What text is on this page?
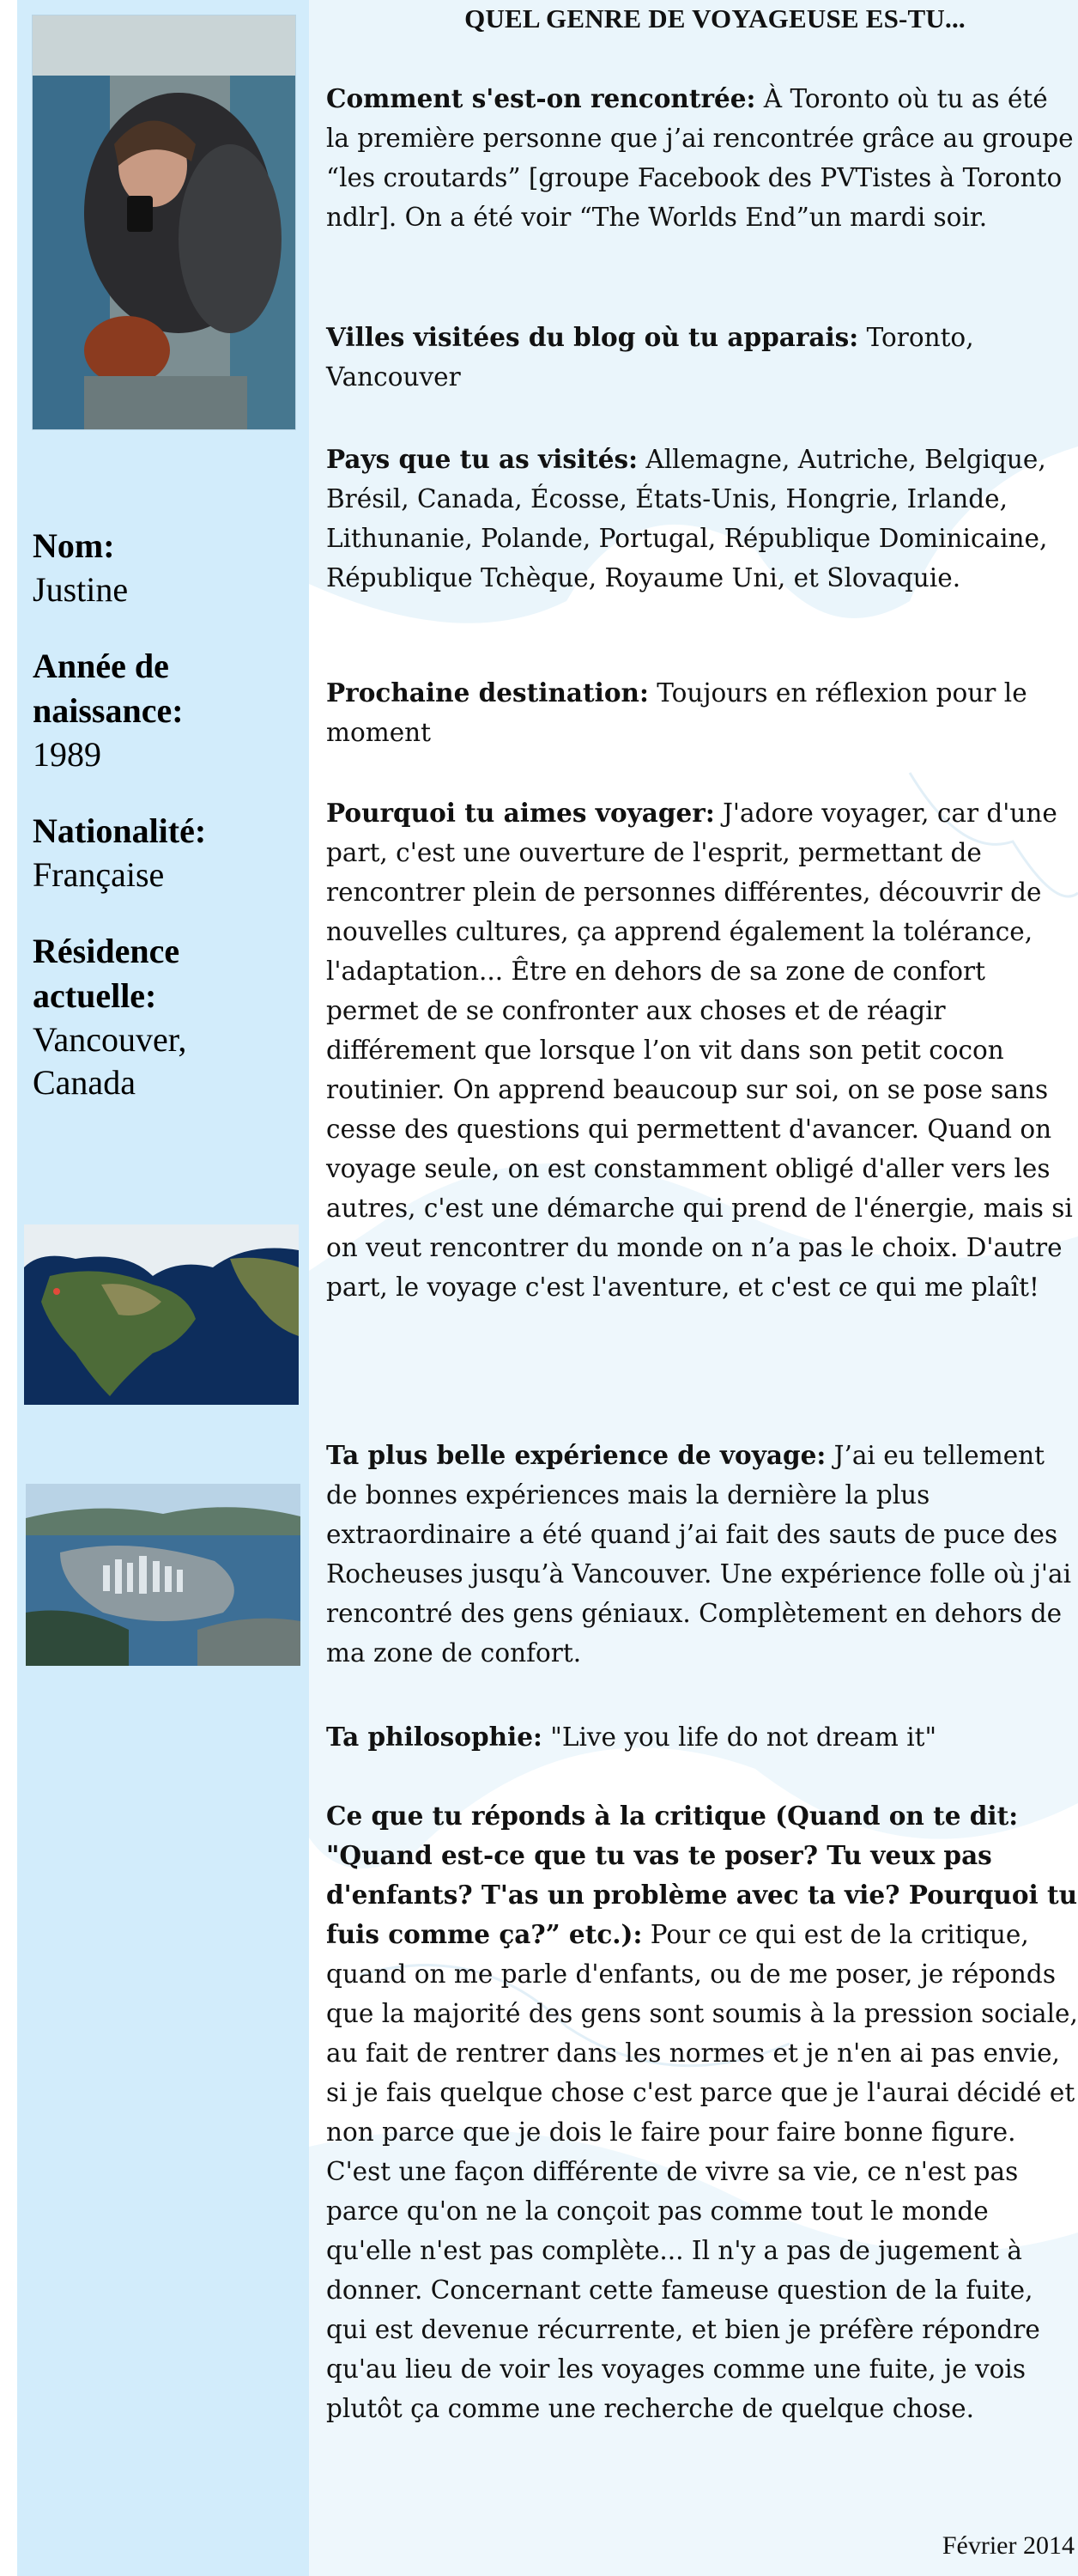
Nom:

Justine

Année de naissance:

1989

Nationalité:

Française

Résidence actuelle:

Vancouver, Canada

QUEL GENRE DE VOYAGEUSE ES-TU...

Comment s'est-on rencontrée: À Toronto où tu as été la première personne que j’ai rencontrée grâce au groupe “les croutards” [groupe Facebook des PVTistes à Toronto ndlr]. On a été voir “The Worlds End”un mardi soir.

Villes visitées du blog où tu apparais: Toronto, Vancouver

Pays que tu as visités: Allemagne, Autriche, Belgique, Brésil, Canada, Écosse, États-Unis, Hongrie, Irlande, Lithunanie, Polande, Portugal, République Dominicaine, République Tchèque, Royaume Uni, et Slovaquie.

Prochaine destination: Toujours en réflexion pour le moment

Pourquoi tu aimes voyager: J'adore voyager, car d'une part, c'est une ouverture de l'esprit, permettant de rencontrer plein de personnes différentes, découvrir de nouvelles cultures, ça apprend également la tolérance, l'adaptation... Être en dehors de sa zone de confort permet de se confronter aux choses et de réagir différement que lorsque l’on vit dans son petit cocon routinier. On apprend beaucoup sur soi, on se pose sans cesse des questions qui permettent d'avancer. Quand on voyage seule, on est constamment obligé d'aller vers les autres, c'est une démarche qui prend de l'énergie, mais si on veut rencontrer du monde on n’a pas le choix. D'autre part, le voyage c'est l'aventure, et c'est ce qui me plaît!

Ta plus belle expérience de voyage: J’ai eu tellement de bonnes expériences mais la dernière la plus extraordinaire a été quand j’ai fait des sauts de puce des Rocheuses jusqu’à Vancouver. Une expérience folle où j'ai rencontré des gens géniaux. Complètement en dehors de ma zone de confort.

Ta philosophie: "Live you life do not dream it"

Ce que tu réponds à la critique (Quand on te dit: "Quand est-ce que tu vas te poser? Tu veux pas d'enfants? T'as un problème avec ta vie? Pourquoi tu fuis comme ça?” etc.): Pour ce qui est de la critique, quand on me parle d'enfants, ou de me poser, je réponds que la majorité des gens sont soumis à la pression sociale, au fait de rentrer dans les normes et je n'en ai pas envie, si je fais quelque chose c'est parce que je l'aurai décidé et non parce que je dois le faire pour faire bonne figure. C'est une façon différente de vivre sa vie, ce n'est pas parce qu'on ne la conçoit pas comme tout le monde qu'elle n'est pas complète... Il n'y a pas de jugement à donner. Concernant cette fameuse question de la fuite, qui est devenue récurrente, et bien je préfère répondre qu'au lieu de voir les voyages comme une fuite, je vois plutôt ça comme une recherche de quelque chose.

Février 2014
